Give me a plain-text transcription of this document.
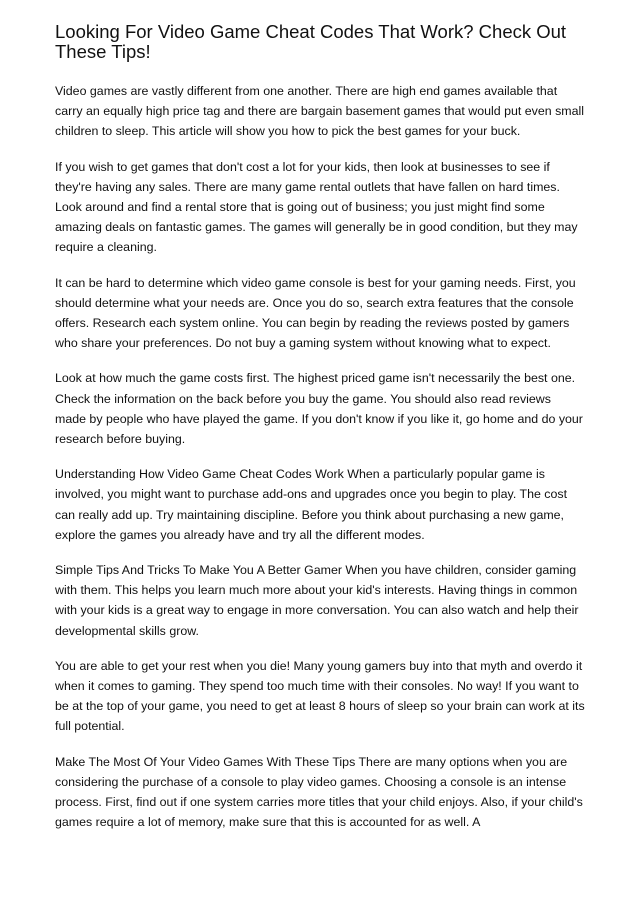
Looking For Video Game Cheat Codes That Work? Check Out These Tips!

Video games are vastly different from one another. There are high end games available that carry an equally high price tag and there are bargain basement games that would put even small children to sleep. This article will show you how to pick the best games for your buck.

If you wish to get games that don't cost a lot for your kids, then look at businesses to see if they're having any sales. There are many game rental outlets that have fallen on hard times. Look around and find a rental store that is going out of business; you just might find some amazing deals on fantastic games. The games will generally be in good condition, but they may require a cleaning.

It can be hard to determine which video game console is best for your gaming needs. First, you should determine what your needs are. Once you do so, search extra features that the console offers. Research each system online. You can begin by reading the reviews posted by gamers who share your preferences. Do not buy a gaming system without knowing what to expect.

Look at how much the game costs first. The highest priced game isn't necessarily the best one. Check the information on the back before you buy the game. You should also read reviews made by people who have played the game. If you don't know if you like it, go home and do your research before buying.

Understanding How Video Game Cheat Codes Work When a particularly popular game is involved, you might want to purchase add-ons and upgrades once you begin to play. The cost can really add up. Try maintaining discipline. Before you think about purchasing a new game, explore the games you already have and try all the different modes.

Simple Tips And Tricks To Make You A Better Gamer When you have children, consider gaming with them. This helps you learn much more about your kid's interests. Having things in common with your kids is a great way to engage in more conversation. You can also watch and help their developmental skills grow.

You are able to get your rest when you die! Many young gamers buy into that myth and overdo it when it comes to gaming. They spend too much time with their consoles. No way! If you want to be at the top of your game, you need to get at least 8 hours of sleep so your brain can work at its full potential.

Make The Most Of Your Video Games With These Tips There are many options when you are considering the purchase of a console to play video games. Choosing a console is an intense process. First, find out if one system carries more titles that your child enjoys. Also, if your child's games require a lot of memory, make sure that this is accounted for as well. A
